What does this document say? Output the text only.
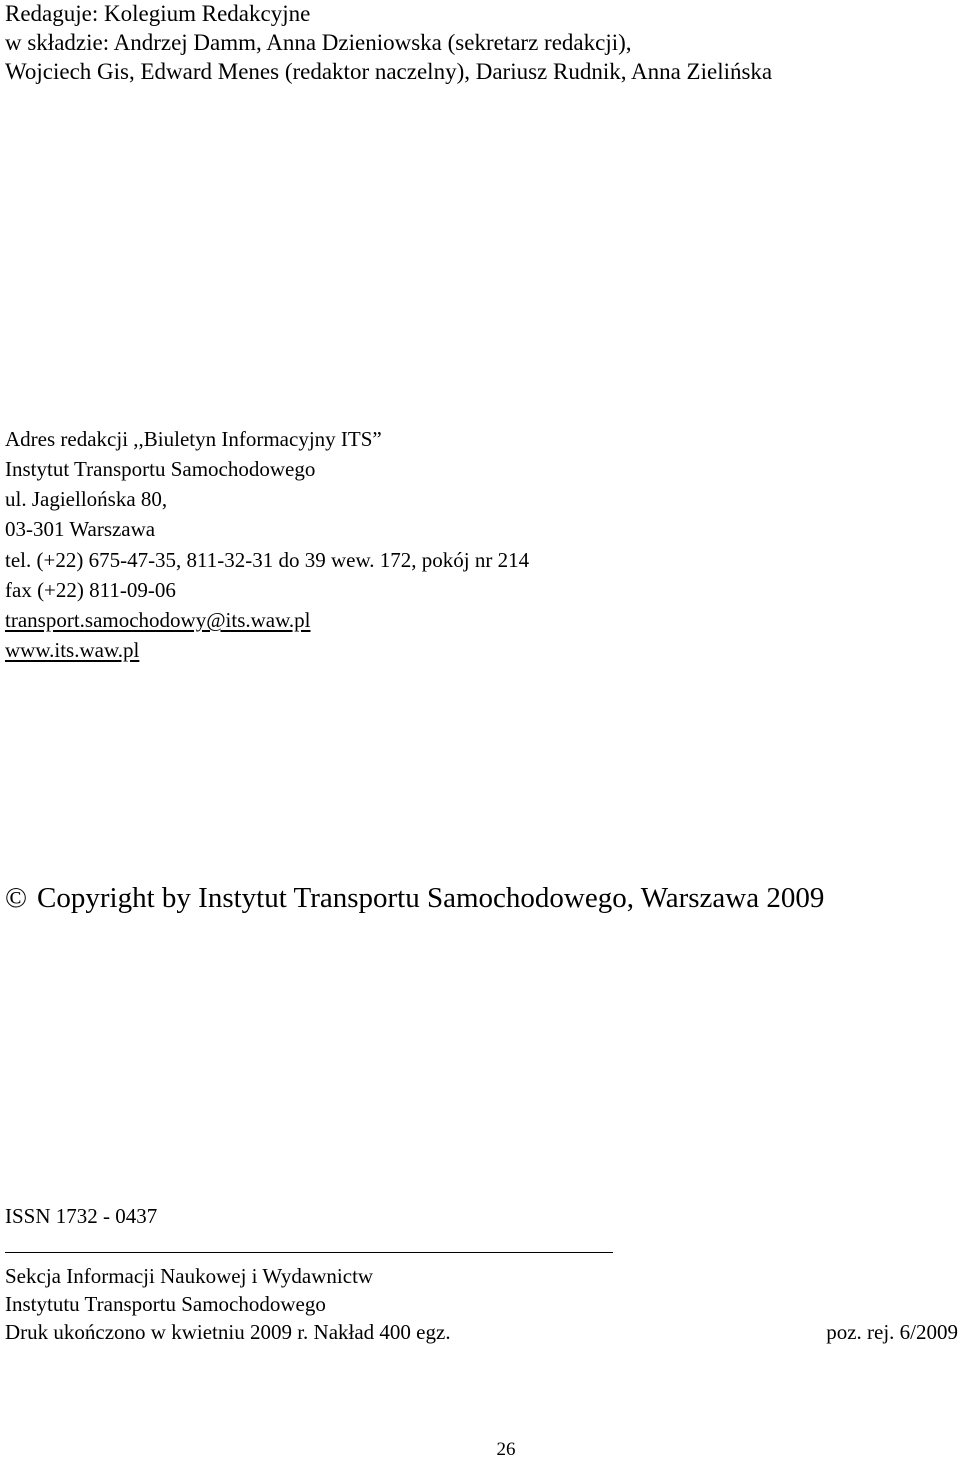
Redaguje: Kolegium Redakcyjne
w składzie: Andrzej Damm, Anna Dzieniowska (sekretarz redakcji),
Wojciech Gis, Edward Menes (redaktor naczelny), Dariusz Rudnik, Anna Zielińska
Adres redakcji ,,Biuletyn Informacyjny ITS”
Instytut Transportu Samochodowego
ul. Jagiellońska 80,
03-301 Warszawa
tel. (+22) 675-47-35, 811-32-31 do 39 wew. 172, pokój nr 214
fax (+22) 811-09-06
transport.samochodowy@its.waw.pl
www.its.waw.pl
© Copyright by Instytut Transportu Samochodowego, Warszawa 2009
ISSN 1732 - 0437
Sekcja Informacji Naukowej i Wydawnictw
Instytutu Transportu Samochodowego
Druk ukończono w kwietniu 2009 r. Nakład 400 egz.	poz. rej. 6/2009
26
